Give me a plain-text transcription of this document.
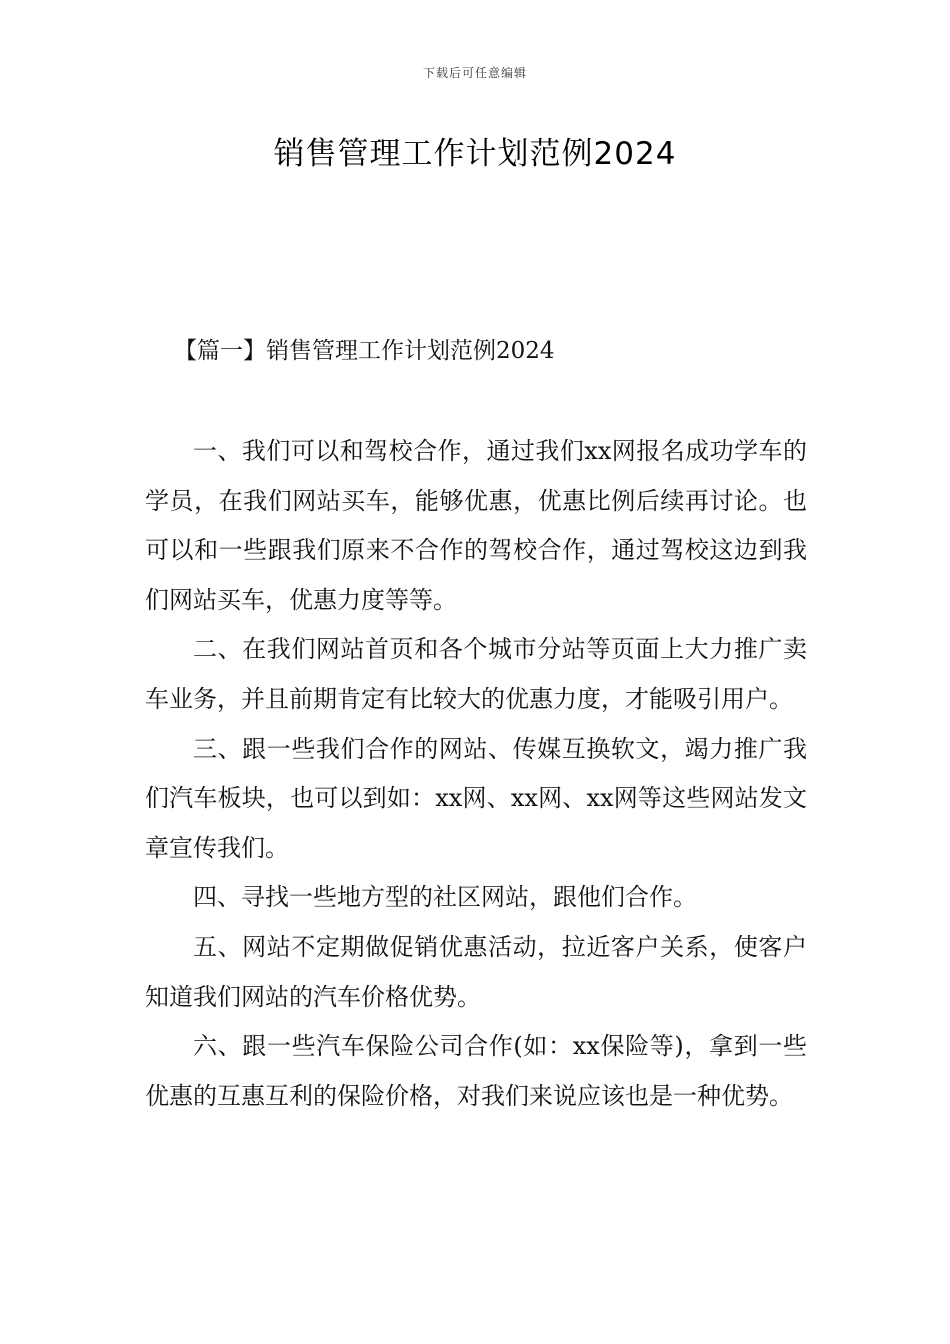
下载后可任意编辑
销售管理工作计划范例2024
【篇一】销售管理工作计划范例2024

一、我们可以和驾校合作，通过我们xx网报名成功学车的学员，在我们网站买车，能够优惠，优惠比例后续再讨论。也可以和一些跟我们原来不合作的驾校合作，通过驾校这边到我们网站买车，优惠力度等等。

二、在我们网站首页和各个城市分站等页面上大力推广卖车业务，并且前期肯定有比较大的优惠力度，才能吸引用户。

三、跟一些我们合作的网站、传媒互换软文，竭力推广我们汽车板块，也可以到如：xx网、xx网、xx网等这些网站发文章宣传我们。

四、寻找一些地方型的社区网站，跟他们合作。

五、网站不定期做促销优惠活动，拉近客户关系，使客户知道我们网站的汽车价格优势。

六、跟一些汽车保险公司合作(如：xx保险等)，拿到一些优惠的互惠互利的保险价格，对我们来说应该也是一种优势。
